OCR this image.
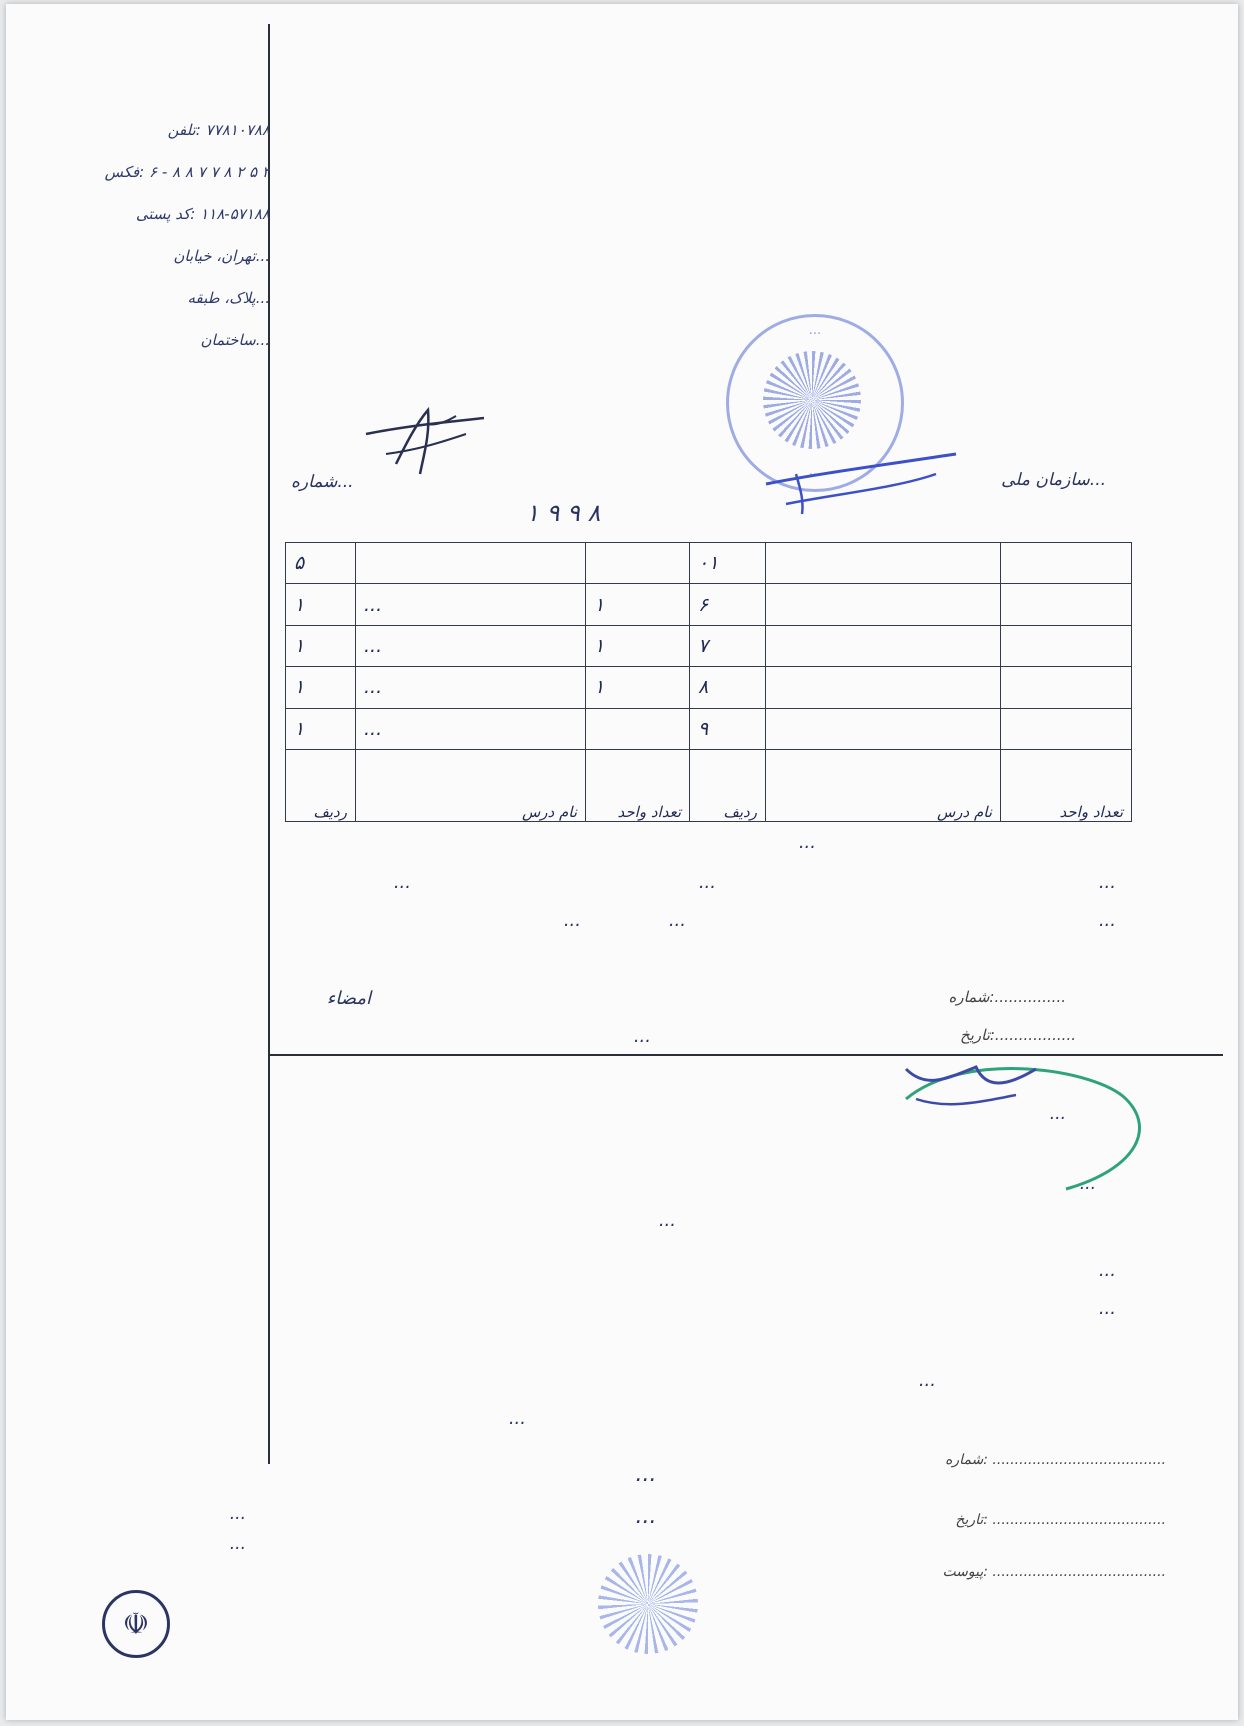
۷۷۸۱۰۷۸۸ :تلفن
۳ ۵ ۲ ۸ ۷ ۷ ۸ ۸ - ۶ :فکس
۱۱۸-۵۷۱۸۸ :کد پستی
...تهران، خیابان
...پلاک، طبقه
...ساختمان
...
...
☫
...شماره
۱ ۹ ۹ ۸
...
...	...سازمان ملی
۵			۰۱		
۱	...	۱	۶		
۱	...	۱	۷		
۱	...	۱	۸		
۱	...		۹		
ردیف	نام درس	تعداد واحد	ردیف	نام درس	تعداد واحد
...
...	...	...
...	...	...
امضاء
...
...............:شماره
.................:تاریخ
...
...
...
...
...
...
...
...
...
....................................... :شماره
....................................... :تاریخ
....................................... :پیوست
